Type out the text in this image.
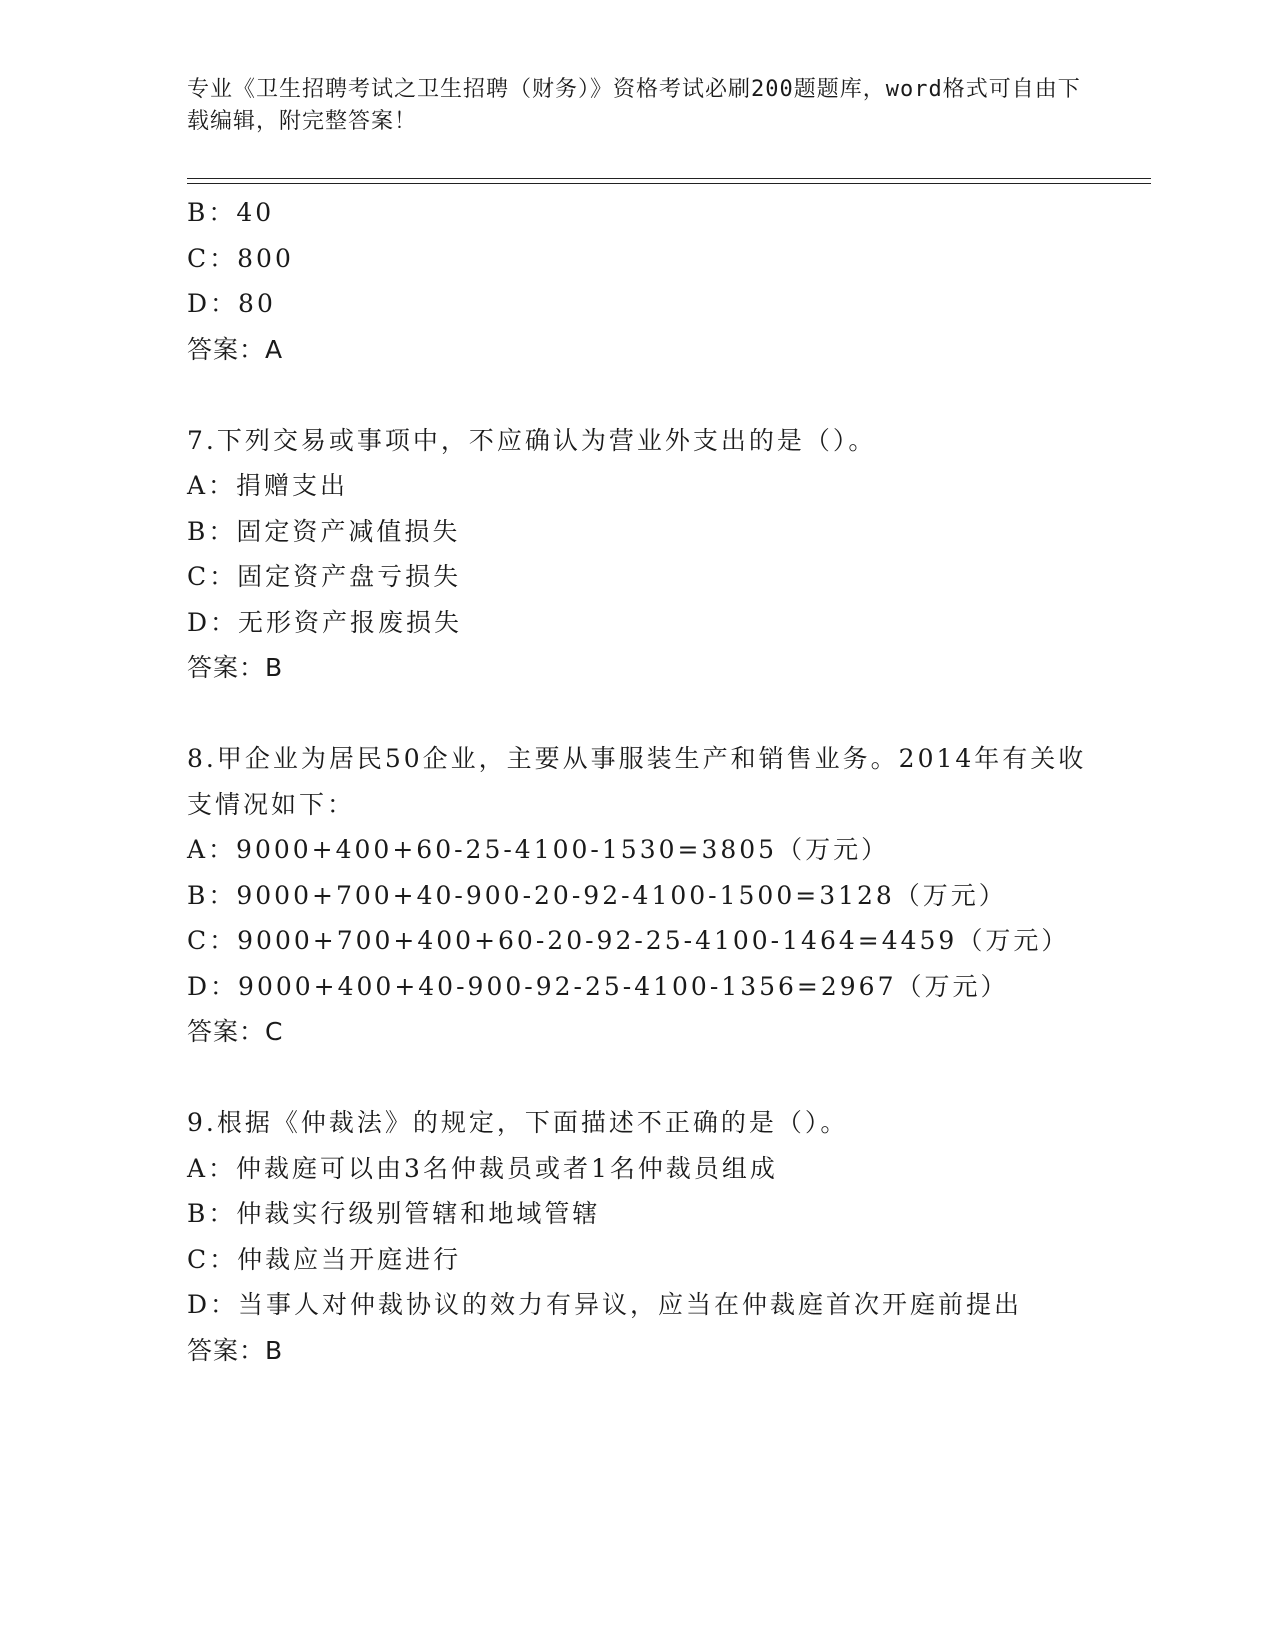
专业《卫生招聘考试之卫生招聘（财务）》资格考试必刷200题题库，word格式可自由下载编辑，附完整答案！
B：40
C：800
D：80
答案：A
7.下列交易或事项中，不应确认为营业外支出的是（）。
A：捐赠支出
B：固定资产减值损失
C：固定资产盘亏损失
D：无形资产报废损失
答案：B
8.甲企业为居民50企业，主要从事服装生产和销售业务。2014年有关收支情况如下：
A：9000+400+60-25-4100-1530=3805（万元）
B：9000+700+40-900-20-92-4100-1500=3128（万元）
C：9000+700+400+60-20-92-25-4100-1464=4459（万元）
D：9000+400+40-900-92-25-4100-1356=2967（万元）
答案：C
9.根据《仲裁法》的规定，下面描述不正确的是（）。
A：仲裁庭可以由3名仲裁员或者1名仲裁员组成
B：仲裁实行级别管辖和地域管辖
C：仲裁应当开庭进行
D：当事人对仲裁协议的效力有异议，应当在仲裁庭首次开庭前提出
答案：B
